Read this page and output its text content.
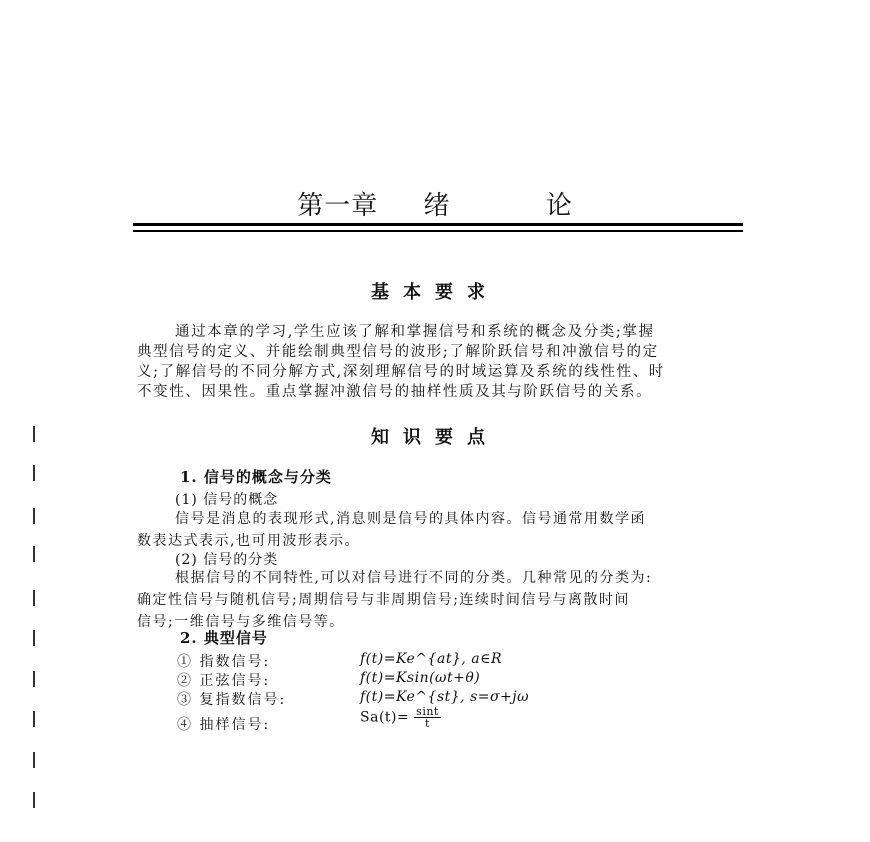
第一章 绪	论
基本要求
通过本章的学习,学生应该了解和掌握信号和系统的概念及分类;掌握
典型信号的定义、并能绘制典型信号的波形;了解阶跃信号和冲激信号的定
义;了解信号的不同分解方式,深刻理解信号的时域运算及系统的线性性、时
不变性、因果性。重点掌握冲激信号的抽样性质及其与阶跃信号的关系。
知识要点
1. 信号的概念与分类
(1) 信号的概念
信号是消息的表现形式,消息则是信号的具体内容。信号通常用数学函
数表达式表示,也可用波形表示。
(2) 信号的分类
根据信号的不同特性,可以对信号进行不同的分类。几种常见的分类为:
确定性信号与随机信号;周期信号与非周期信号;连续时间信号与离散时间
信号;一维信号与多维信号等。
2. 典型信号
① 指数信号:	f(t)=Ke^{at}, a∈R
② 正弦信号:	f(t)=Ksin(ωt+θ)
③ 复指数信号:	f(t)=Ke^{st}, s=σ+jω
④ 抽样信号:	$Sa(t)= \frac{\sin t}{t}$
